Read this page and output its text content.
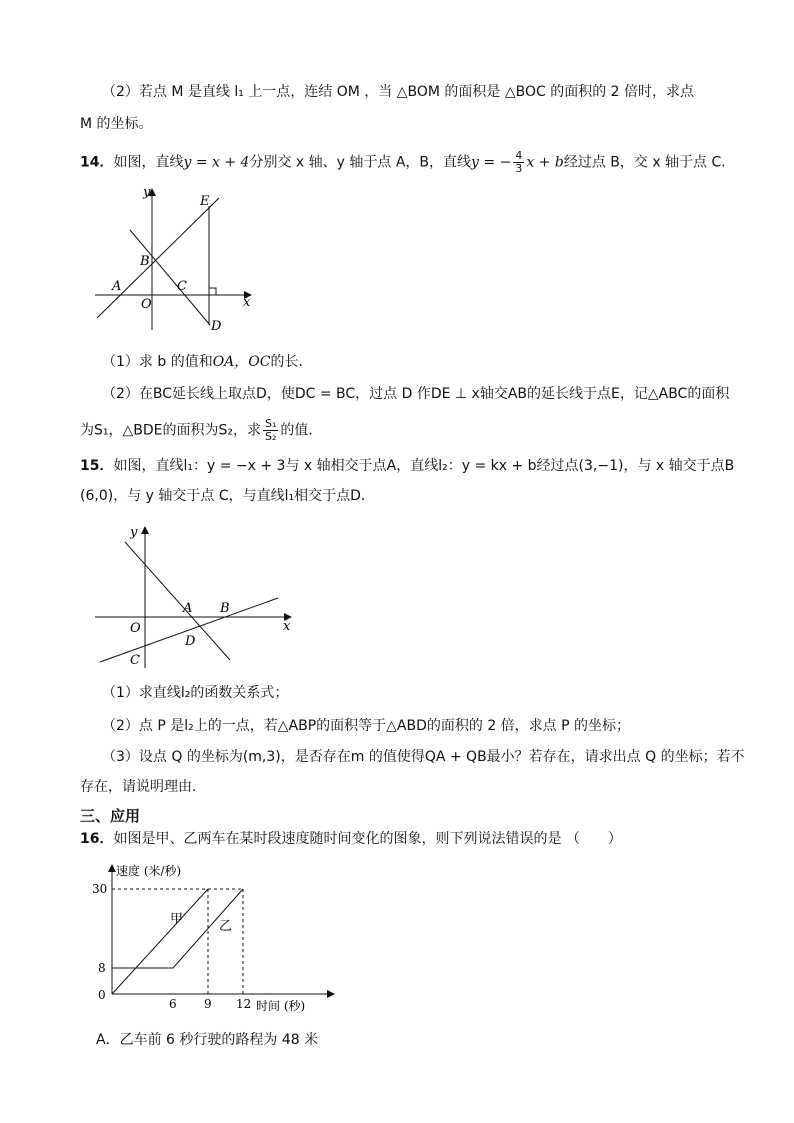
（2）若点 M 是直线 l₁ 上一点，连结 OM ，当 △BOM 的面积是 △BOC 的面积的 2 倍时，求点
M 的坐标。
14．如图，直线y = x + 4分别交 x 轴、y 轴于点 A，B，直线y = − $\frac{4}{3}$ x + b经过点 B，交 x 轴于点 C．
y
x
E
B
A
O
C
D
（1）求 b 的值和OA，OC的长．
（2）在BC延长线上取点D，使DC = BC，过点 D 作DE ⊥ x轴交AB的延长线于点E，记△ABC的面积
为S₁，△BDE的面积为S₂，求 $\frac{\text{S₁}}{\text{S₂}}$ 的值．
15．如图，直线l₁：y = −x + 3与 x 轴相交于点A，直线l₂：y = kx + b经过点(3,−1)，与 x 轴交于点B
(6,0)，与 y 轴交于点 C，与直线l₁相交于点D．
y
x
A B
O
D
C
（1）求直线l₂的函数关系式；
（2）点 P 是l₂上的一点，若△ABP的面积等于△ABD的面积的 2 倍，求点 P 的坐标；
（3）设点 Q 的坐标为(m,3)，是否存在m 的值使得QA + QB最小？若存在，请求出点 Q 的坐标；若不
存在，请说明理由．
三、应用
16．如图是甲、乙两车在某时段速度随时间变化的图象，则下列说法错误的是 （　　）
速度 (米/秒)
时间 (秒)
30
8
0
6 9 12
甲	乙
A．乙车前 6 秒行驶的路程为 48 米
